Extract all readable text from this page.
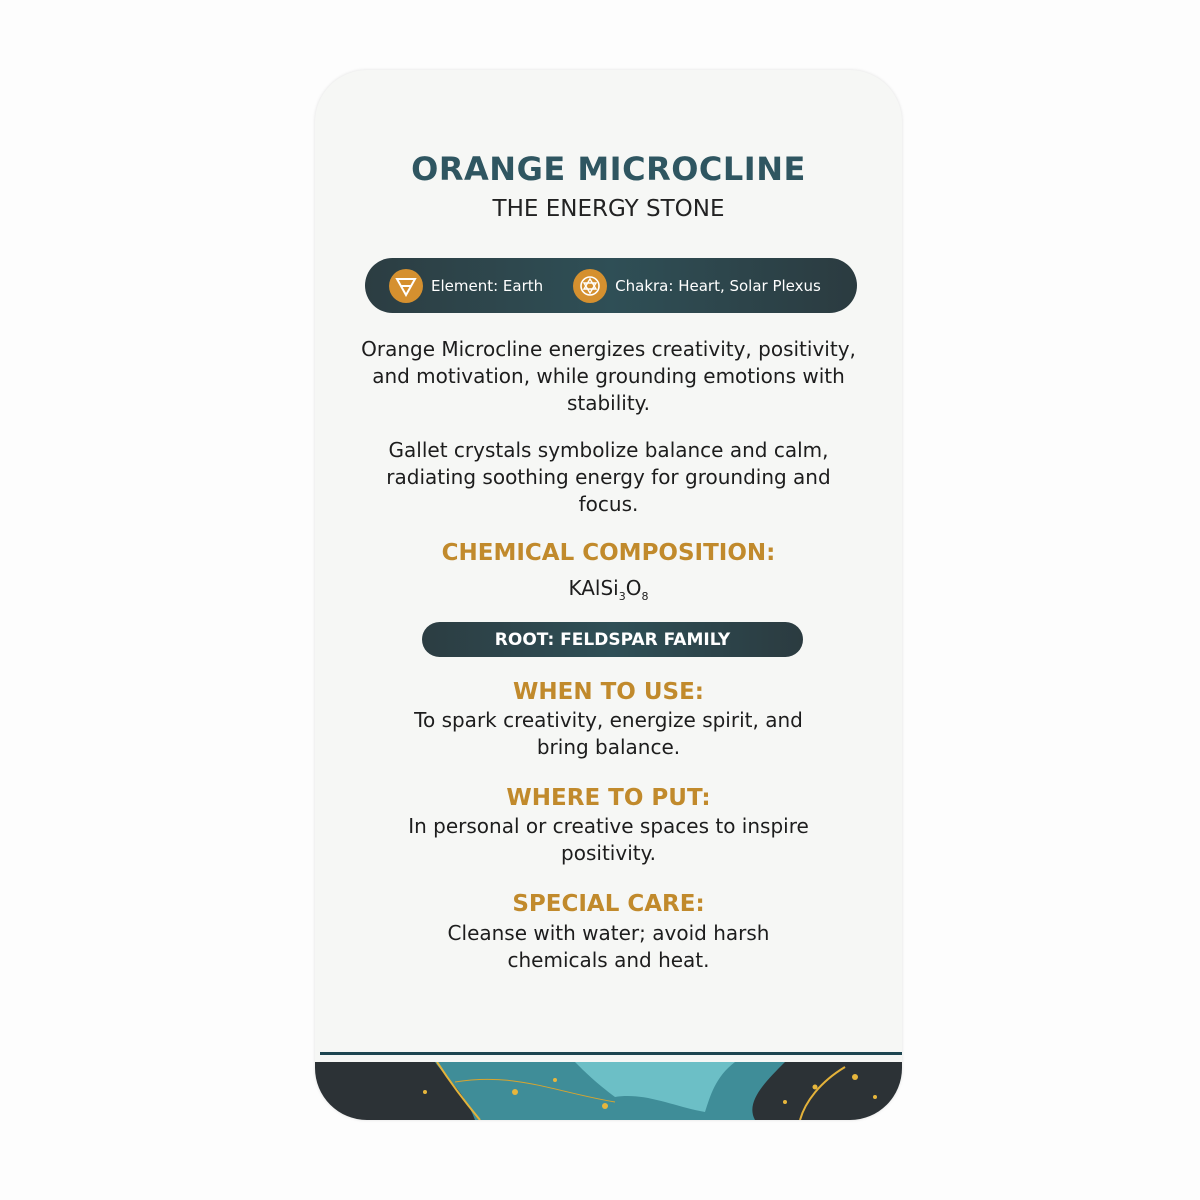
ORANGE MICROCLINE
THE ENERGY STONE
Element: Earth	Chakra: Heart, Solar Plexus
Orange Microcline energizes creativity, positivity, and motivation, while grounding emotions with stability.
Gallet crystals symbolize balance and calm, radiating soothing energy for grounding and focus.
CHEMICAL COMPOSITION:
$KAlSi_3O_8$
ROOT: FELDSPAR FAMILY
WHEN TO USE:
To spark creativity, energize spirit, and bring balance.
WHERE TO PUT:
In personal or creative spaces to inspire positivity.
SPECIAL CARE:
Cleanse with water; avoid harsh chemicals and heat.
